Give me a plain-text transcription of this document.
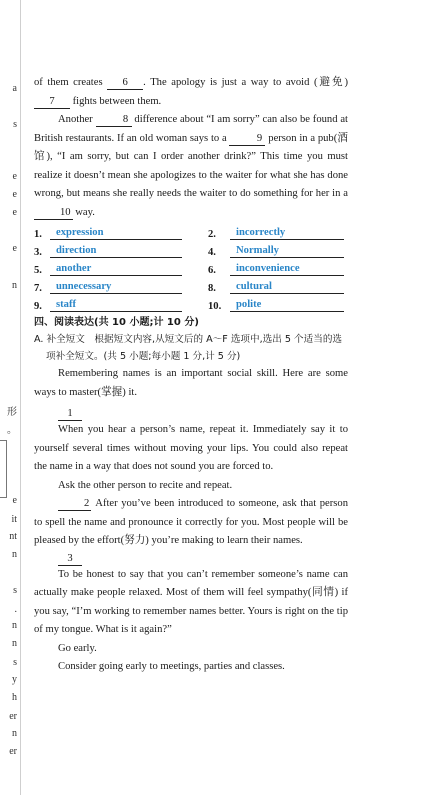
a
s
e
e
e
e
n
形
。
e
it
nt
n
s
.
n
n
s
y
h
er
n
er

of them creates 6 . The apology is just a way to avoid (避免) 7 fights between them.

Another	8 difference about “I am sorry” can also be found at British restaurants. If an old woman says to a	9 person in a pub(酒馆), “I am sorry, but can I order another drink?” This time you must realize it doesn’t mean she apologizes to the waiter for what she has done wrong, but means she really needs the waiter to do something for her in a 10 way.

1.	expression	2.	incorrectly
3.	direction	4.	Normally
5.	another	6.	inconvenience
7.	unnecessary	8.	cultural
9.	staff	10.	polite
四、阅读表达(共 10 小题;计 10 分)
A. 补全短文　根据短文内容,从短文后的 A～F 选项中,选出 5 个适当的选项补全短文。(共 5 小题;每小题 1 分,计 5 分)

Remembering names is an important social skill. Here are some ways to master(掌握) it.

1

When you hear a person’s name, repeat it. Immediately say it to yourself several times without moving your lips. You could also repeat the name in a way that does not sound you are forced to.

Ask the other person to recite and repeat.

2 After you’ve been introduced to someone, ask that person to spell the name and pronounce it correctly for you. Most people will be pleased by the effort(努力) you’re making to learn their names.

3

To be honest to say that you can’t remember someone’s name can actually make people relaxed. Most of them will feel sympathy(同情) if you say, “I’m working to remember names better. Yours is right on the tip of my tongue. What is it again?”

Go early.

Consider going early to meetings, parties and classes.
